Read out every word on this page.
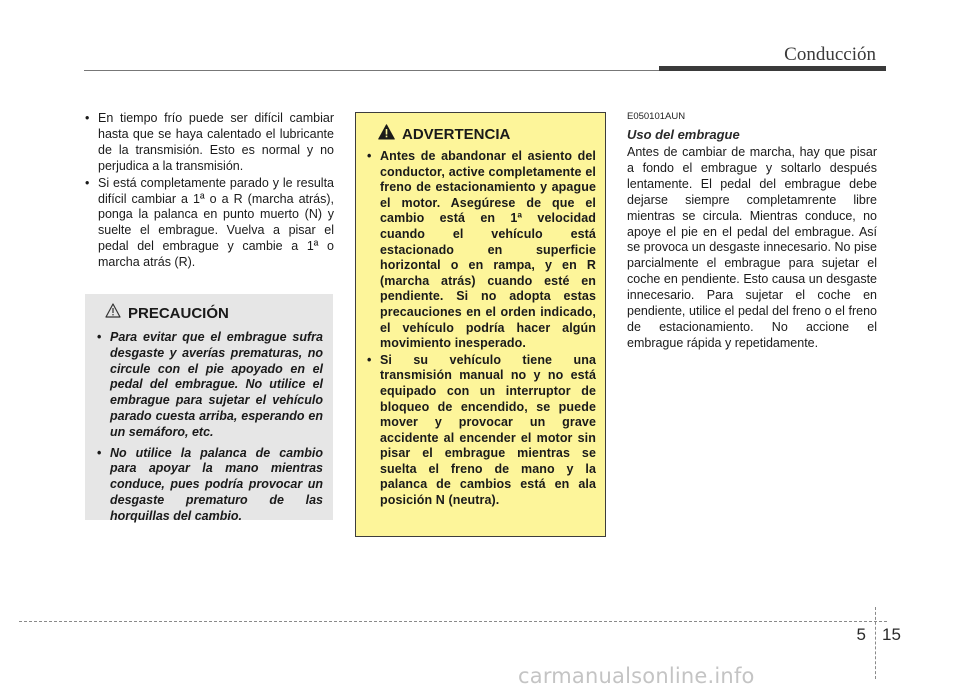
Conducción
• En tiempo frío puede ser difícil cambiar hasta que se haya calentado el lubricante de la transmisión. Esto es normal y no perjudica a la transmisión.
• Si está completamente parado y le resulta difícil cambiar a 1ª o a R (marcha atrás), ponga la palanca en punto muerto (N) y suelte el embrague. Vuelva a pisar el pedal del embrague y cambie a 1ª o marcha atrás (R).
PRECAUCIÓN
• Para evitar que el embrague sufra desgaste y averías prematuras, no circule con el pie apoyado en el pedal del embrague. No utilice el embrague para sujetar el vehículo parado cuesta arriba, esperando en un semáforo, etc.
• No utilice la palanca de cambio para apoyar la mano mientras conduce, pues podría provocar un desgaste prematuro de las horquillas del cambio.
ADVERTENCIA
• Antes de abandonar el asiento del conductor, active completamente el freno de estacionamiento y apague el motor. Asegúrese de que el cambio está en 1ª velocidad cuando el vehículo está estacionado en superficie horizontal o en rampa, y en R (marcha atrás) cuando esté en pendiente. Si no adopta estas precauciones en el orden indicado, el vehículo podría hacer algún movimiento inesperado.
• Si su vehículo tiene una transmisión manual no y no está equipado con un interruptor de bloqueo de encendido, se puede mover y provocar un grave accidente al encender el motor sin pisar el embrague mientras se suelta el freno de mano y la palanca de cambios está en ala posición N (neutra).
E050101AUN
Uso del embrague
Antes de cambiar de marcha, hay que pisar a fondo el embrague y soltarlo después lentamente. El pedal del embrague debe dejarse siempre completamrente libre mientras se circula. Mientras conduce, no apoye el pie en el pedal del embrague. Así se provoca un desgaste innecesario. No pise parcialmente el embrague para sujetar el coche en pendiente. Esto causa un desgaste innecesario. Para sujetar el coche en pendiente, utilice el pedal del freno o el freno de estacionamiento. No accione el embrague rápida y repetidamente.
5 15
carmanualsonline.info
